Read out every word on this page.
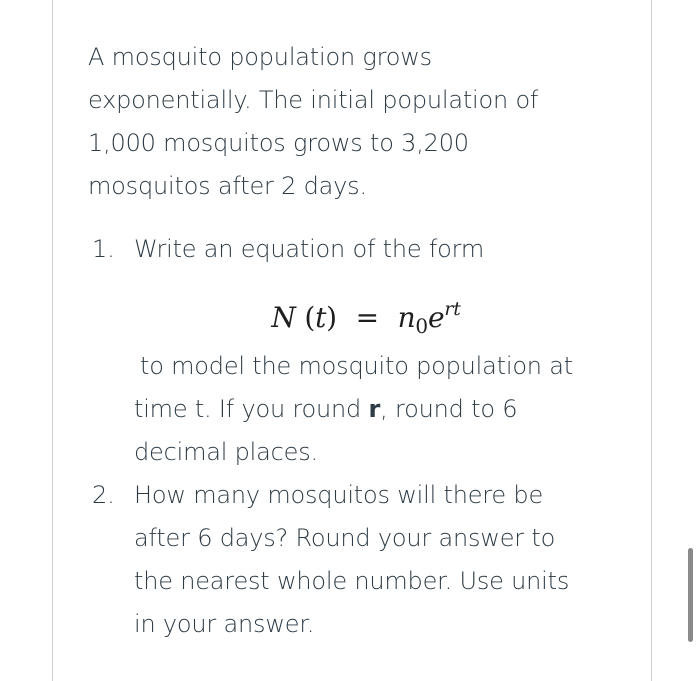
A mosquito population grows
exponentially. The initial population of
1,000 mosquitos grows to 3,200
mosquitos after 2 days.

1. Write an equation of the form
N $(t) = n_0e^{rt}$
to model the mosquito population at
time t. If you round r, round to 6
decimal places.
2. How many mosquitos will there be
after 6 days? Round your answer to
the nearest whole number. Use units
in your answer.
